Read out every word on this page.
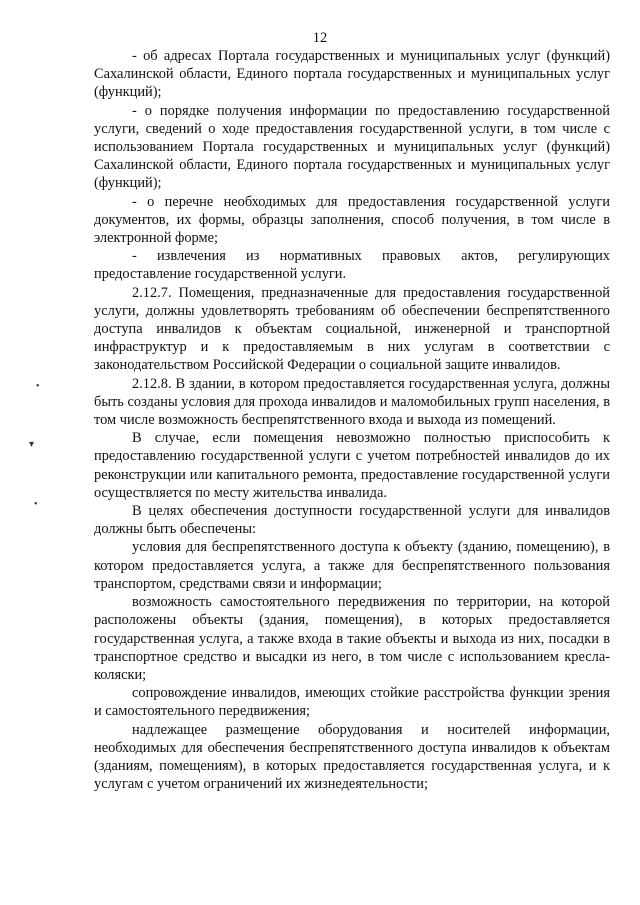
12

- об адресах Портала государственных и муниципальных услуг (функций) Сахалинской области, Единого портала государственных и муниципальных услуг (функций);

- о порядке получения информации по предоставлению государственной услуги, сведений о ходе предоставления государственной услуги, в том числе с использованием Портала государственных и муниципальных услуг (функций) Сахалинской области, Единого портала государственных и муниципальных услуг (функций);

- о перечне необходимых для предоставления государственной услуги документов, их формы, образцы заполнения, способ получения, в том числе в электронной форме;

- извлечения из нормативных правовых актов, регулирующих предоставление государственной услуги.

2.12.7. Помещения, предназначенные для предоставления государственной услуги, должны удовлетворять требованиям об обеспечении беспрепятственного доступа инвалидов к объектам социальной, инженерной и транспортной инфраструктур и к предоставляемым в них услугам в соответствии с законодательством Российской Федерации о социальной защите инвалидов.

2.12.8. В здании, в котором предоставляется государственная услуга, должны быть созданы условия для прохода инвалидов и маломобильных групп населения, в том числе возможность беспрепятственного входа и выхода из помещений.

В случае, если помещения невозможно полностью приспособить к предоставлению государственной услуги с учетом потребностей инвалидов до их реконструкции или капитального ремонта, предоставление государственной услуги осуществляется по месту жительства инвалида.

В целях обеспечения доступности государственной услуги для инвалидов должны быть обеспечены:

условия для беспрепятственного доступа к объекту (зданию, помещению), в котором предоставляется услуга, а также для беспрепятственного пользования транспортом, средствами связи и информации;

возможность самостоятельного передвижения по территории, на которой расположены объекты (здания, помещения), в которых предоставляется государственная услуга, а также входа в такие объекты и выхода из них, посадки в транспортное средство и высадки из него, в том числе с использованием кресла-коляски;

сопровождение инвалидов, имеющих стойкие расстройства функции зрения и самостоятельного передвижения;

надлежащее размещение оборудования и носителей информации, необходимых для обеспечения беспрепятственного доступа инвалидов к объектам (зданиям, помещениям), в которых предоставляется государственная услуга, и к услугам с учетом ограничений их жизнедеятельности;

•
▾
•
